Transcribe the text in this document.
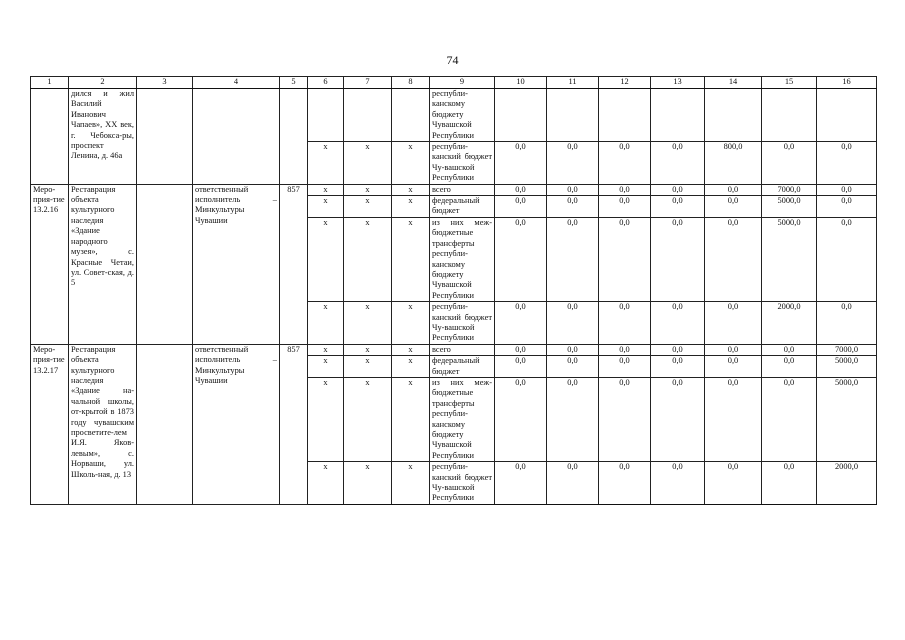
74
1	2	3	4	5	6	7	8	9	10	11	12	13	14	15	16
	дился и жил Василий Иванович Чапаев», XX век, г. Чебокса-ры, проспект Ленина, д. 46а							республи-канскому бюджету Чувашской Республики							
					х	х	х	республи-канский бюджет Чу-вашской Республики	0,0	0,0	0,0	0,0	800,0	0,0	0,0
Меро-прия-тие 13.2.16	Реставрация объекта культурного наследия «Здание народного музея», с. Красные Четаи, ул. Совет-ская, д. 5		ответственный исполнитель – Минкультуры Чувашии	857	х	х	х	всего	0,0	0,0	0,0	0,0	0,0	7000,0	0,0
					х	х	х	федеральный бюджет	0,0	0,0	0,0	0,0	0,0	5000,0	0,0
					х	х	х	из них меж-бюджетные трансферты республи-канскому бюджету Чувашской Республики	0,0	0,0	0,0	0,0	0,0	5000,0	0,0
					х	х	х	республи-канский бюджет Чу-вашской Республики	0,0	0,0	0,0	0,0	0,0	2000,0	0,0
Меро-прия-тие 13.2.17	Реставрация объекта культурного наследия «Здание на-чальной школы, от-крытой в 1873 году чувашским просветите-лем И.Я. Яков-левым», с. Норваши, ул. Школь-ная, д. 13		ответственный исполнитель – Минкультуры Чувашии	857	х	х	х	всего	0,0	0,0	0,0	0,0	0,0	0,0	7000,0
					х	х	х	федеральный бюджет	0,0	0,0	0,0	0,0	0,0	0,0	5000,0
					х	х	х	из них меж-бюджетные трансферты республи-канскому бюджету Чувашской Республики	0,0	0,0	0,0	0,0	0,0	0,0	5000,0
					х	х	х	республи-канский бюджет Чу-вашской Республики	0,0	0,0	0,0	0,0	0,0	0,0	2000,0
